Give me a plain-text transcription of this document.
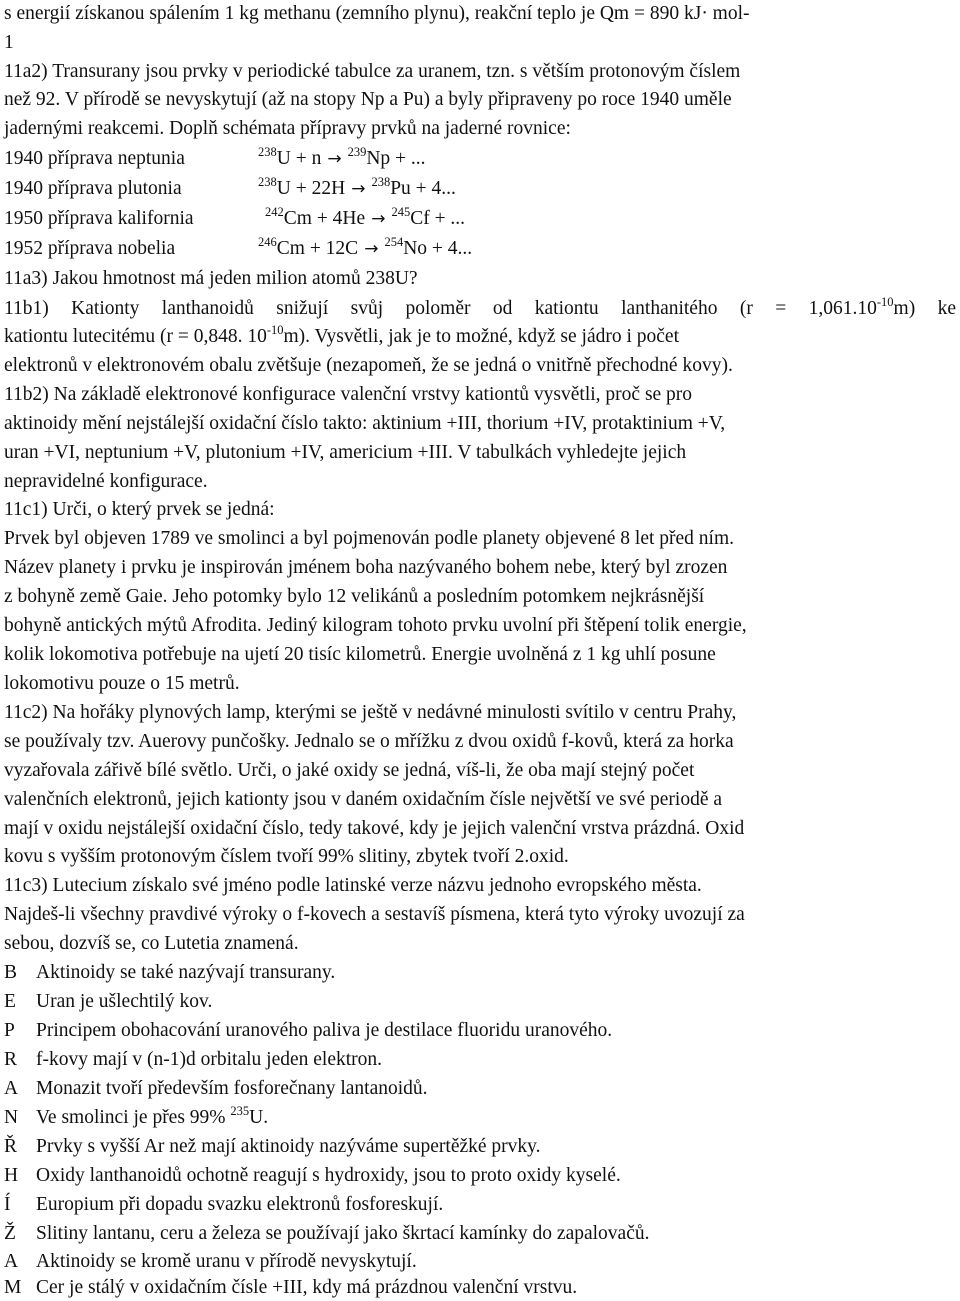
s energií získanou spálením 1 kg methanu (zemního plynu), reakční teplo je Qm = 890 kJ· mol-
1
11a2) Transurany jsou prvky v periodické tabulce za uranem, tzn. s větším protonovým číslem
než 92. V přírodě se nevyskytují (až na stopy Np a Pu) a byly připraveny po roce 1940 uměle
jadernými reakcemi. Doplň schémata přípravy prvků na jaderné rovnice:
1940 příprava neptunia	$^{238}$U + n → $^{239}$Np + ...
1940 příprava plutonia	$^{238}$U + 22H → $^{238}$Pu + 4...
1950 příprava kalifornia	$^{242}$Cm + 4He → $^{245}$Cf + ...
1952 příprava nobelia	$^{246}$Cm + 12C → $^{254}$No + 4...
11a3) Jakou hmotnost má jeden milion atomů 238U?
11b1) Kationty lanthanoidů snižují svůj poloměr od kationtu lanthanitého $(r = 1,061.10^{-10}m)$ ke
kationtu lutecitému (r = 0,848. $10^{-10}m$). Vysvětli, jak je to možné, když se jádro i počet
elektronů v elektronovém obalu zvětšuje (nezapomeň, že se jedná o vnitřně přechodné kovy).
11b2) Na základě elektronové konfigurace valenční vrstvy kationtů vysvětli, proč se pro
aktinoidy mění nejstálejší oxidační číslo takto: aktinium +III, thorium +IV, protaktinium +V,
uran +VI, neptunium +V, plutonium +IV, americium +III. V tabulkách vyhledejte jejich
nepravidelné konfigurace.
11c1) Urči, o který prvek se jedná:
Prvek byl objeven 1789 ve smolinci a byl pojmenován podle planety objevené 8 let před ním.
Název planety i prvku je inspirován jménem boha nazývaného bohem nebe, který byl zrozen
z bohyně země Gaie. Jeho potomky bylo 12 velikánů a posledním potomkem nejkrásnější
bohyně antických mýtů Afrodita. Jediný kilogram tohoto prvku uvolní při štěpení tolik energie,
kolik lokomotiva potřebuje na ujetí 20 tisíc kilometrů. Energie uvolněná z 1 kg uhlí posune
lokomotivu pouze o 15 metrů.
11c2) Na hořáky plynových lamp, kterými se ještě v nedávné minulosti svítilo v centru Prahy,
se používaly tzv. Auerovy punčošky. Jednalo se o mřížku z dvou oxidů f-kovů, která za horka
vyzařovala zářivě bílé světlo. Urči, o jaké oxidy se jedná, víš-li, že oba mají stejný počet
valenčních elektronů, jejich kationty jsou v daném oxidačním čísle největší ve své periodě a
mají v oxidu nejstálejší oxidační číslo, tedy takové, kdy je jejich valenční vrstva prázdná. Oxid
kovu s vyšším protonovým číslem tvoří 99% slitiny, zbytek tvoří 2.oxid.
11c3) Lutecium získalo své jméno podle latinské verze názvu jednoho evropského města.
Najdeš-li všechny pravdivé výroky o f-kovech a sestavíš písmena, která tyto výroky uvozují za
sebou, dozvíš se, co Lutetia znamená.
B Aktinoidy se také nazývají transurany.
E Uran je ušlechtilý kov.
P Principem obohacování uranového paliva je destilace fluoridu uranového.
R f-kovy mají v (n-1)d orbitalu jeden elektron.
A Monazit tvoří především fosforečnany lantanoidů.
N Ve smolinci je přes 99% $^{235}$U.
Ř Prvky s vyšší Ar než mají aktinoidy nazýváme supertěžké prvky.
H Oxidy lanthanoidů ochotně reagují s hydroxidy, jsou to proto oxidy kyselé.
Í Europium při dopadu svazku elektronů fosforeskují.
Ž Slitiny lantanu, ceru a železa se používají jako škrtací kamínky do zapalovačů.
A Aktinoidy se kromě uranu v přírodě nevyskytují.
M Cer je stálý v oxidačním čísle +III, kdy má prázdnou valenční vrstvu.
